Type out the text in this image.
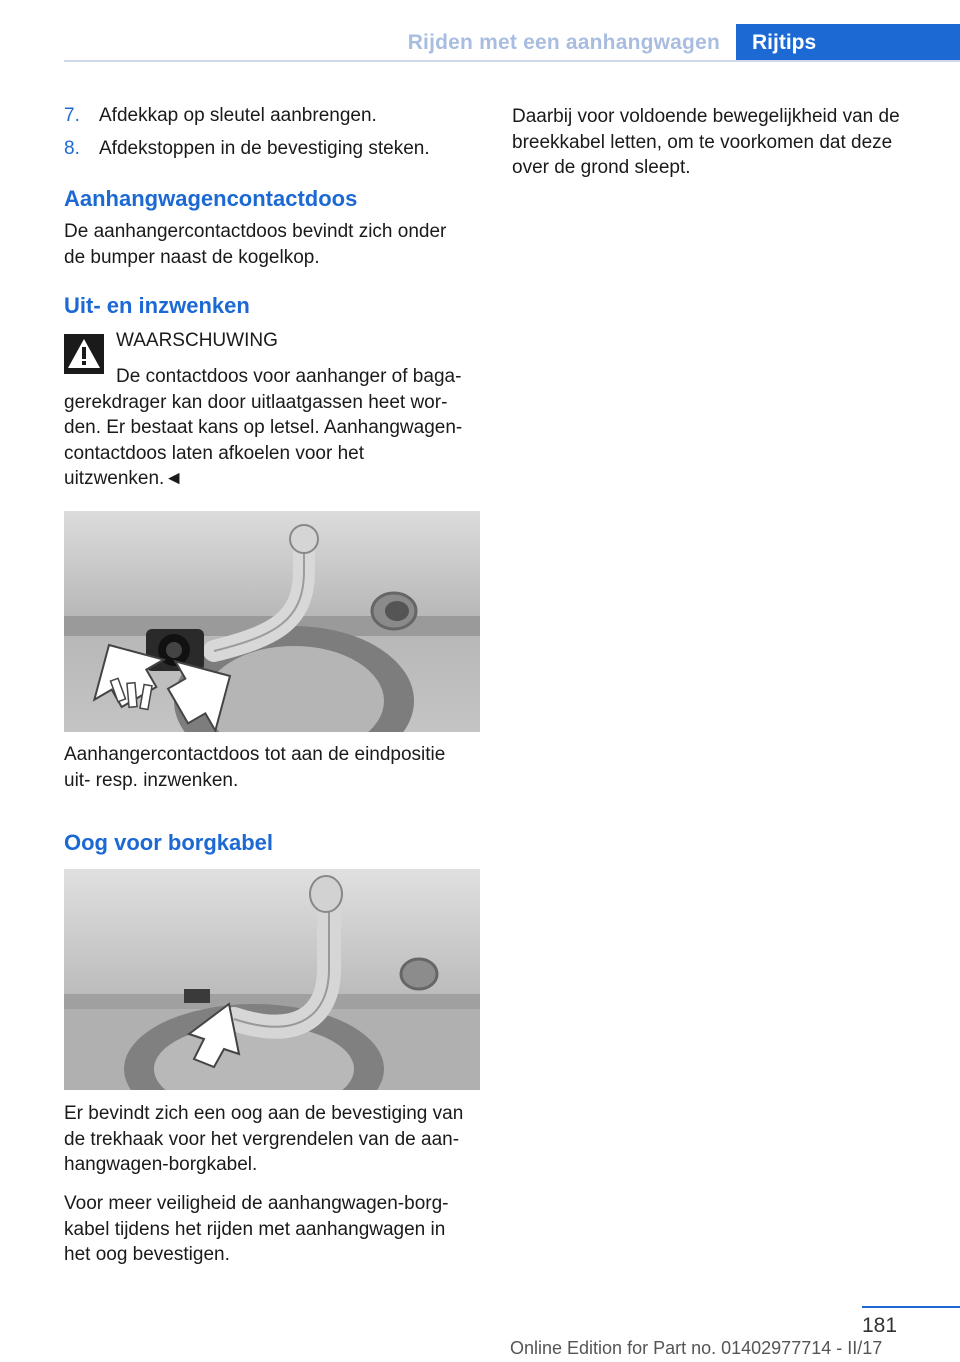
Rijden met een aanhangwagen	Rijtips
7. Afdekkap op sleutel aanbrengen.
8. Afdekstoppen in de bevestiging steken.
Aanhangwagencontactdoos
De aanhangercontactdoos bevindt zich onder
de bumper naast de kogelkop.
Uit- en inzwenken
WAARSCHUWING
De contactdoos voor aanhanger of baga-
gerekdrager kan door uitlaatgassen heet wor-
den. Er bestaat kans op letsel. Aanhangwagen-
contactdoos laten afkoelen voor het
uitzwenken.◄
Aanhangercontactdoos tot aan de eindpositie
uit- resp. inzwenken.
Oog voor borgkabel
Er bevindt zich een oog aan de bevestiging van
de trekhaak voor het vergrendelen van de aan-
hangwagen-borgkabel.
Voor meer veiligheid de aanhangwagen-borg-
kabel tijdens het rijden met aanhangwagen in
het oog bevestigen.
Daarbij voor voldoende bewegelijkheid van de
breekkabel letten, om te voorkomen dat deze
over de grond sleept.
181
Online Edition for Part no. 01402977714 - II/17
